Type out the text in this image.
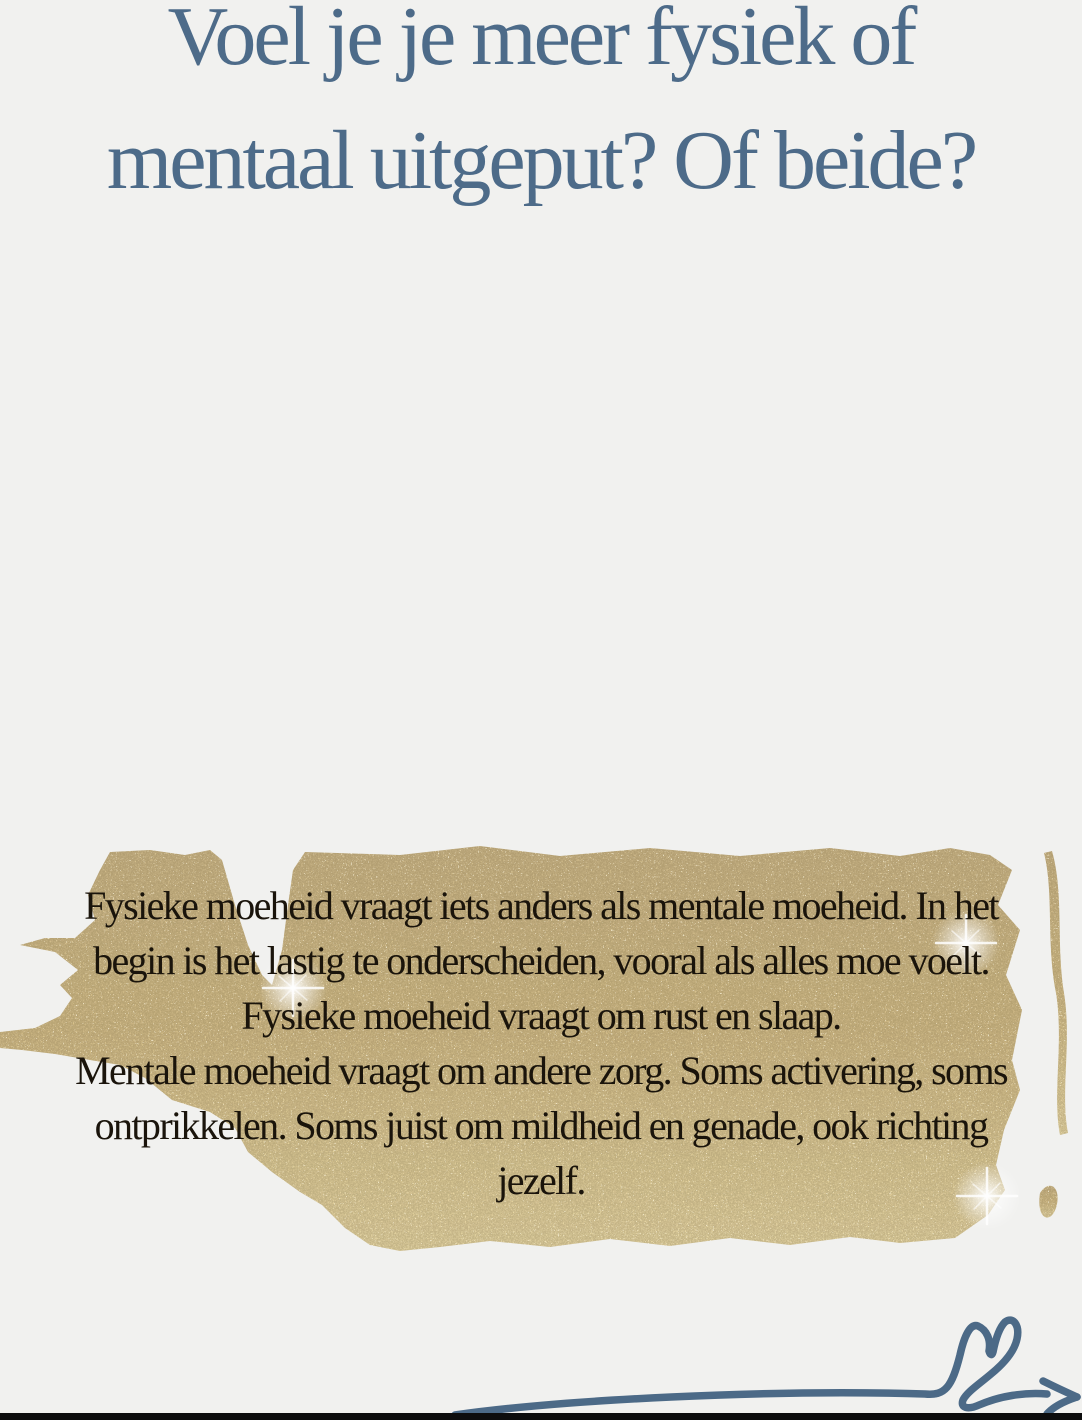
Voel je je meer fysiek of
mentaal uitgeput? Of beide?
Fysieke moeheid vraagt iets anders als mentale moeheid. In het
begin is het lastig te onderscheiden, vooral als alles moe voelt.
Fysieke moeheid vraagt om rust en slaap.
Mentale moeheid vraagt om andere zorg. Soms activering, soms
ontprikkelen. Soms juist om mildheid en genade, ook richting
jezelf.
